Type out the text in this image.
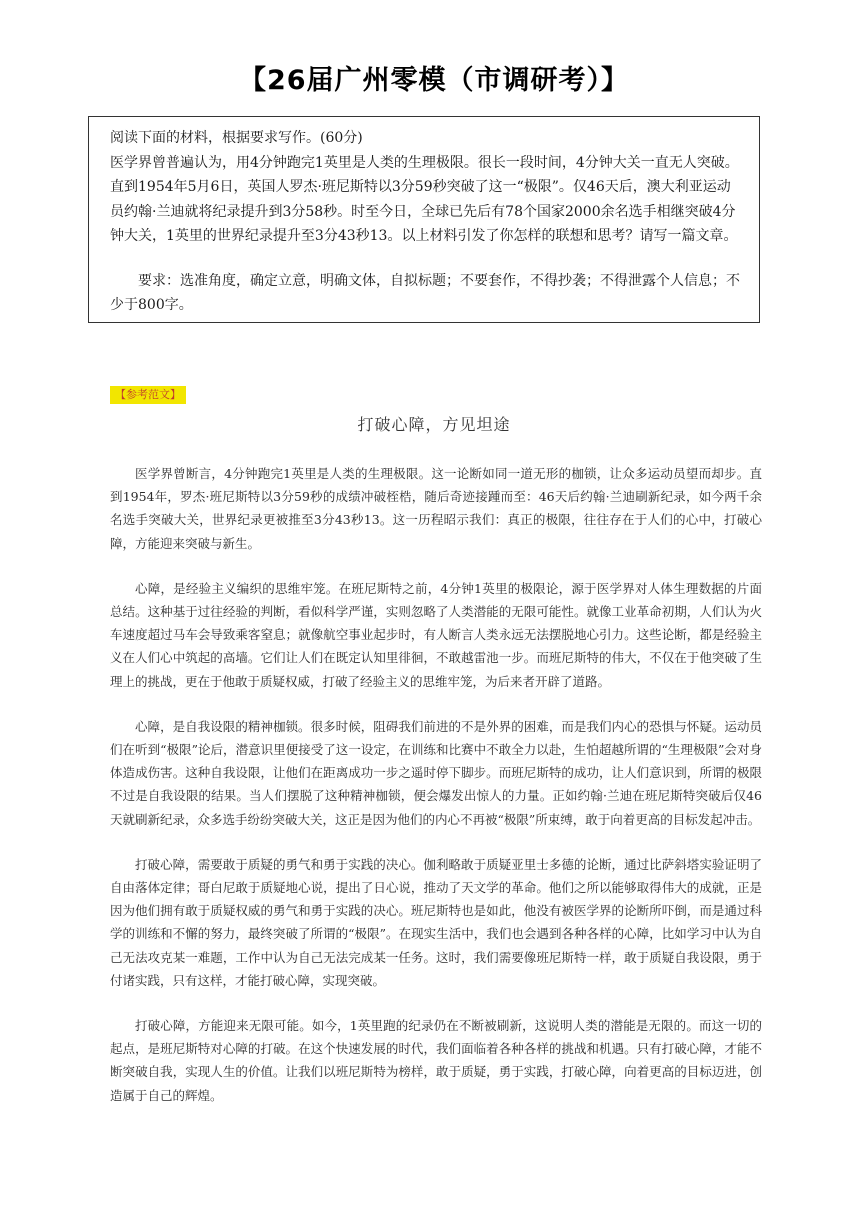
【26届广州零模（市调研考）】

阅读下面的材料，根据要求写作。(60分)

医学界曾普遍认为，用4分钟跑完1英里是人类的生理极限。很长一段时间，4分钟大关一直无人突破。直到1954年5月6日，英国人罗杰·班尼斯特以3分59秒突破了这一“极限”。仅46天后，澳大利亚运动员约翰·兰迪就将纪录提升到3分58秒。时至今日，全球已先后有78个国家2000余名选手相继突破4分钟大关，1英里的世界纪录提升至3分43秒13。以上材料引发了你怎样的联想和思考？请写一篇文章。

要求：选准角度，确定立意，明确文体，自拟标题；不要套作，不得抄袭；不得泄露个人信息；不少于800字。

【参考范文】
打破心障，方见坦途

医学界曾断言，4分钟跑完1英里是人类的生理极限。这一论断如同一道无形的枷锁，让众多运动员望而却步。直到1954年，罗杰·班尼斯特以3分59秒的成绩冲破桎梏，随后奇迹接踵而至：46天后约翰·兰迪刷新纪录，如今两千余名选手突破大关，世界纪录更被推至3分43秒13。这一历程昭示我们：真正的极限，往往存在于人们的心中，打破心障，方能迎来突破与新生。

心障，是经验主义编织的思维牢笼。在班尼斯特之前，4分钟1英里的极限论，源于医学界对人体生理数据的片面总结。这种基于过往经验的判断，看似科学严谨，实则忽略了人类潜能的无限可能性。就像工业革命初期，人们认为火车速度超过马车会导致乘客窒息；就像航空事业起步时，有人断言人类永远无法摆脱地心引力。这些论断，都是经验主义在人们心中筑起的高墙。它们让人们在既定认知里徘徊，不敢越雷池一步。而班尼斯特的伟大，不仅在于他突破了生理上的挑战，更在于他敢于质疑权威，打破了经验主义的思维牢笼，为后来者开辟了道路。

心障，是自我设限的精神枷锁。很多时候，阻碍我们前进的不是外界的困难，而是我们内心的恐惧与怀疑。运动员们在听到“极限”论后，潜意识里便接受了这一设定，在训练和比赛中不敢全力以赴，生怕超越所谓的“生理极限”会对身体造成伤害。这种自我设限，让他们在距离成功一步之遥时停下脚步。而班尼斯特的成功，让人们意识到，所谓的极限不过是自我设限的结果。当人们摆脱了这种精神枷锁，便会爆发出惊人的力量。正如约翰·兰迪在班尼斯特突破后仅46天就刷新纪录，众多选手纷纷突破大关，这正是因为他们的内心不再被“极限”所束缚，敢于向着更高的目标发起冲击。

打破心障，需要敢于质疑的勇气和勇于实践的决心。伽利略敢于质疑亚里士多德的论断，通过比萨斜塔实验证明了自由落体定律；哥白尼敢于质疑地心说，提出了日心说，推动了天文学的革命。他们之所以能够取得伟大的成就，正是因为他们拥有敢于质疑权威的勇气和勇于实践的决心。班尼斯特也是如此，他没有被医学界的论断所吓倒，而是通过科学的训练和不懈的努力，最终突破了所谓的“极限”。在现实生活中，我们也会遇到各种各样的心障，比如学习中认为自己无法攻克某一难题，工作中认为自己无法完成某一任务。这时，我们需要像班尼斯特一样，敢于质疑自我设限，勇于付诸实践，只有这样，才能打破心障，实现突破。

打破心障，方能迎来无限可能。如今，1英里跑的纪录仍在不断被刷新，这说明人类的潜能是无限的。而这一切的起点，是班尼斯特对心障的打破。在这个快速发展的时代，我们面临着各种各样的挑战和机遇。只有打破心障，才能不断突破自我，实现人生的价值。让我们以班尼斯特为榜样，敢于质疑，勇于实践，打破心障，向着更高的目标迈进，创造属于自己的辉煌。
